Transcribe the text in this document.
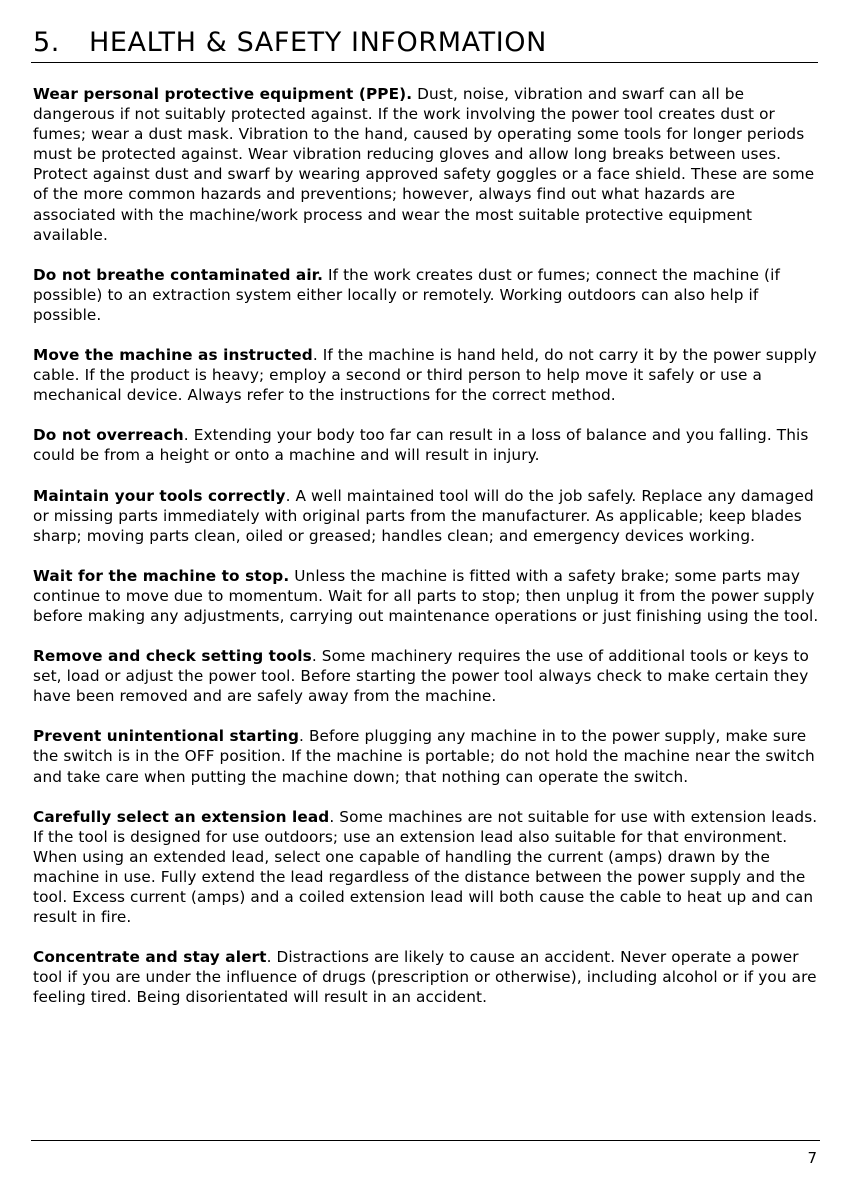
5. HEALTH & SAFETY INFORMATION

Wear personal protective equipment (PPE). Dust, noise, vibration and swarf can all be dangerous if not suitably protected against. If the work involving the power tool creates dust or fumes; wear a dust mask. Vibration to the hand, caused by operating some tools for longer periods must be protected against. Wear vibration reducing gloves and allow long breaks between uses. Protect against dust and swarf by wearing approved safety goggles or a face shield. These are some of the more common hazards and preventions; however, always find out what hazards are associated with the machine/work process and wear the most suitable protective equipment available.

Do not breathe contaminated air. If the work creates dust or fumes; connect the machine (if possible) to an extraction system either locally or remotely. Working outdoors can also help if possible.

Move the machine as instructed. If the machine is hand held, do not carry it by the power supply cable. If the product is heavy; employ a second or third person to help move it safely or use a mechanical device. Always refer to the instructions for the correct method.

Do not overreach. Extending your body too far can result in a loss of balance and you falling. This could be from a height or onto a machine and will result in injury.

Maintain your tools correctly. A well maintained tool will do the job safely. Replace any damaged or missing parts immediately with original parts from the manufacturer. As applicable; keep blades sharp; moving parts clean, oiled or greased; handles clean; and emergency devices working.

Wait for the machine to stop. Unless the machine is fitted with a safety brake; some parts may continue to move due to momentum. Wait for all parts to stop; then unplug it from the power supply before making any adjustments, carrying out maintenance operations or just finishing using the tool.

Remove and check setting tools. Some machinery requires the use of additional tools or keys to set, load or adjust the power tool. Before starting the power tool always check to make certain they have been removed and are safely away from the machine.

Prevent unintentional starting. Before plugging any machine in to the power supply, make sure the switch is in the OFF position. If the machine is portable; do not hold the machine near the switch and take care when putting the machine down; that nothing can operate the switch.

Carefully select an extension lead. Some machines are not suitable for use with extension leads. If the tool is designed for use outdoors; use an extension lead also suitable for that environment. When using an extended lead, select one capable of handling the current (amps) drawn by the machine in use. Fully extend the lead regardless of the distance between the power supply and the tool. Excess current (amps) and a coiled extension lead will both cause the cable to heat up and can result in fire.

Concentrate and stay alert. Distractions are likely to cause an accident. Never operate a power tool if you are under the influence of drugs (prescription or otherwise), including alcohol or if you are feeling tired. Being disorientated will result in an accident.

7
